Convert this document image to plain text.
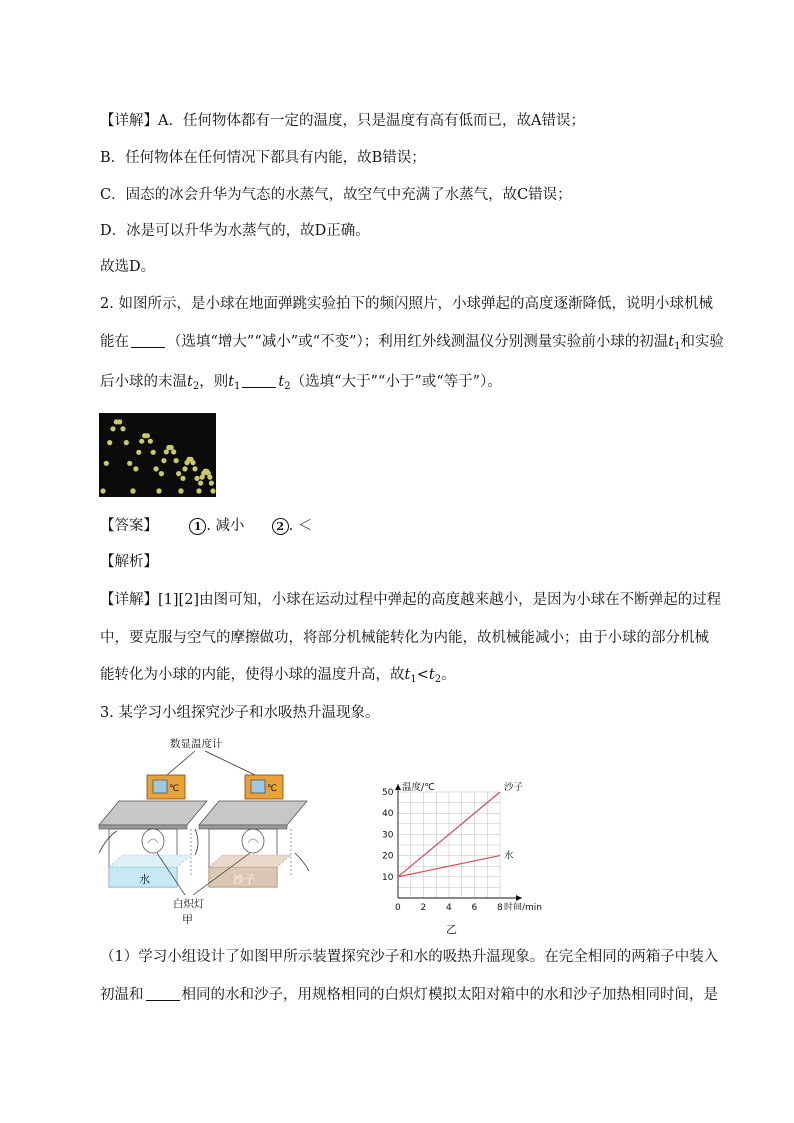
【详解】A．任何物体都有一定的温度，只是温度有高有低而已，故A错误；
B．任何物体在任何情况下都具有内能，故B错误；
C．固态的冰会升华为气态的水蒸气，故空气中充满了水蒸气，故C错误；
D．冰是可以升华为水蒸气的，故D正确。
故选D。
2. 如图所示，是小球在地面弹跳实验拍下的频闪照片，小球弹起的高度逐渐降低，说明小球机械
能在	（选填“增大”“减小”或“不变”）；利用红外线测温仪分别测量实验前小球的初温$t_1$和实验
后小球的末温$t_2$，则$t_1$	$t_2$（选填“大于”“小于”或“等于”）。
【答案】	1 . 减小	2 . ＜
【解析】
【详解】[1][2]由图可知，小球在运动过程中弹起的高度越来越小，是因为小球在不断弹起的过程
中，要克服与空气的摩擦做功，将部分机械能转化为内能，故机械能减小；由于小球的部分机械
能转化为小球的内能，使得小球的温度升高，故$t_1<t_2$。
3. 某学习小组探究沙子和水吸热升温现象。
数显温度计
℃	℃
水	沙子
白炽灯
甲
0 2 4 6 8
10
20
30
40
50 温度/℃
时间/min
沙子
水
乙
（1）学习小组设计了如图甲所示装置探究沙子和水的吸热升温现象。在完全相同的两箱子中装入
初温和	相同的水和沙子，用规格相同的白炽灯模拟太阳对箱中的水和沙子加热相同时间，是
